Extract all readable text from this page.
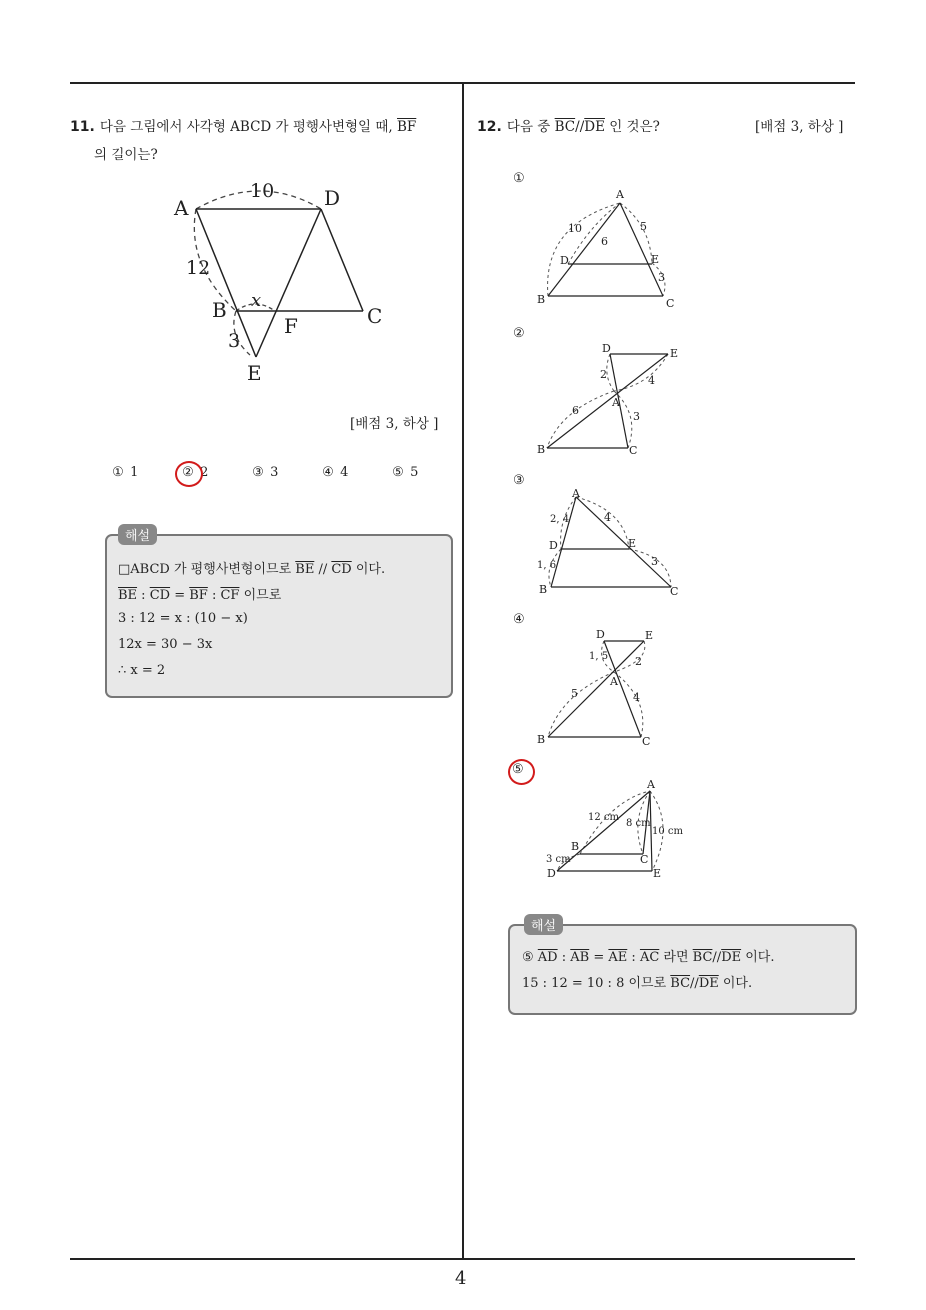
4
11. 다음 그림에서 사각형 ABCD 가 평행사변형일 때, $\overline{BF}$
의 길이는?
A	D
B	C
F
E
10
12
3
x
[배점 3, 하상 ]
① 1	② 2	③ 3	④ 4	⑤ 5
해설
□ABCD 가 평행사변형이므로 $\overline{BE} // \overline{CD}$ 이다.
$\overline{BE}$ : $\overline{CD} = \overline{BF}$ : $\overline{CF}$ 이므로
3 : 12 = x : (10 − x)
12x = 30 − 3x
∴ x = 2
12. 다음 중 $\overline{BC}//\overline{DE}$ 인 것은?	[배점 3, 하상 ]
①
A
B	C
D	E
10	5
6
3
②
D	E
A
B	C
2	4
6	3
③
A
B	C
D	E
2, 4	4
1, 6	3
④
D	E
A
B	C
1, 5 2
5	4
⑤
A
B
C
D	E
12 cm
8 cm
10 cm
3 cm
해설
⑤ $\overline{AD}$ : $\overline{AB} = \overline{AE}$ : $\overline{AC}$ 라면 $\overline{BC}//\overline{DE}$ 이다.
15 : 12 = 10 : 8 이므로 $\overline{BC}//\overline{DE}$ 이다.
